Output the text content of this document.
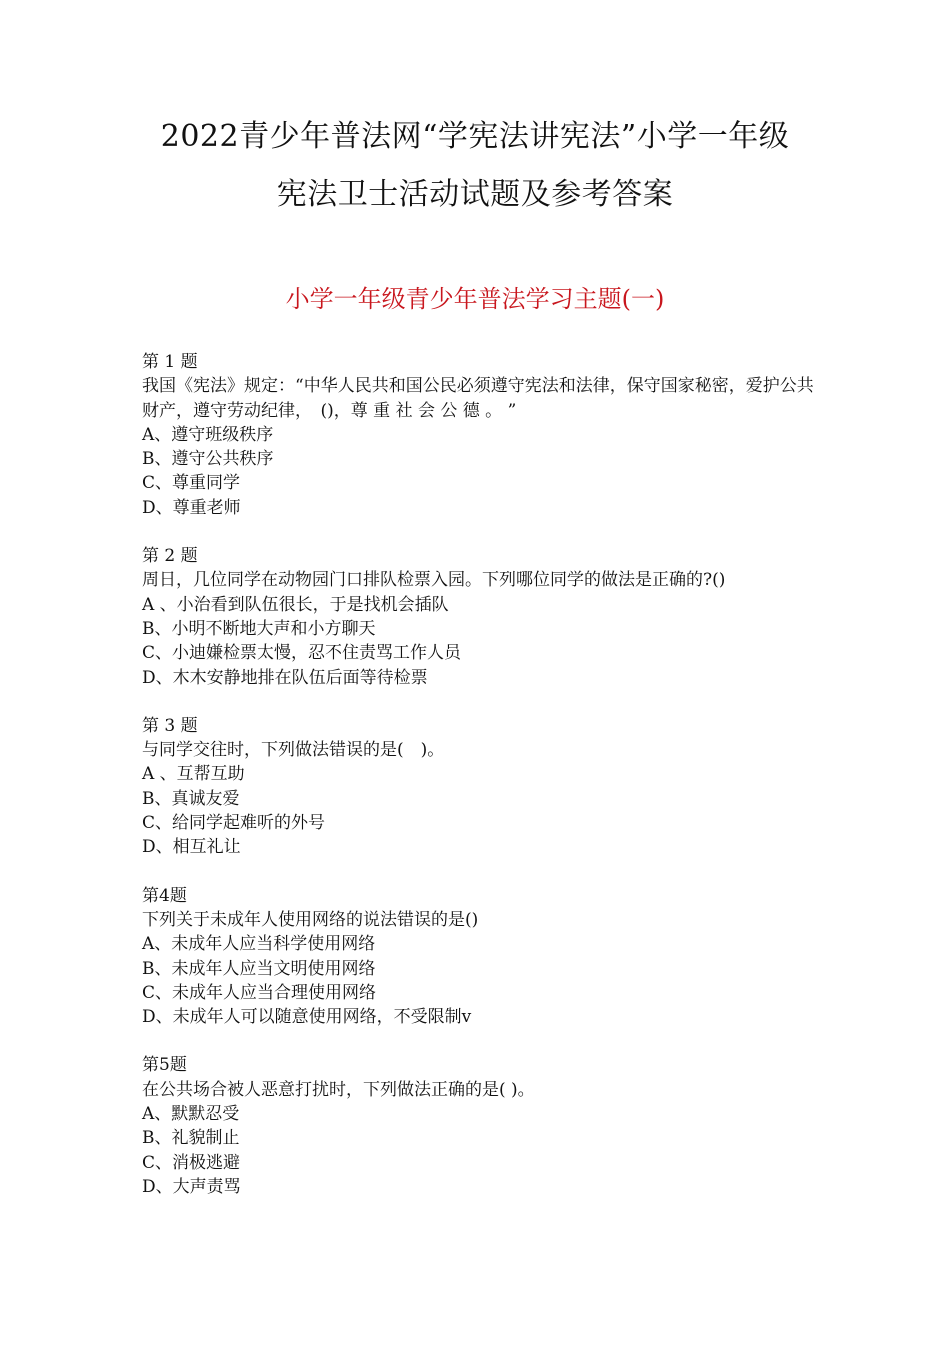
2022青少年普法网“学宪法讲宪法”小学一年级
宪法卫士活动试题及参考答案
小学一年级青少年普法学习主题(一)

第 1 题

我国《宪法》规定：“中华人民共和国公民必须遵守宪法和法律，保守国家秘密，爱护公共财产，遵守劳动纪律，　()，尊 重 社 会 公 德 。 ”

A、遵守班级秩序

B、遵守公共秩序

C、尊重同学

D、尊重老师

第 2 题

周日，几位同学在动物园门口排队检票入园。下列哪位同学的做法是正确的?()

A 、小治看到队伍很长，于是找机会插队

B、小明不断地大声和小方聊天

C、小迪嫌检票太慢，忍不住责骂工作人员

D、木木安静地排在队伍后面等待检票

第 3 题

与同学交往时，下列做法错误的是(　)。

A 、互帮互助

B、真诚友爱

C、给同学起难听的外号

D、相互礼让

第4题

下列关于未成年人使用网络的说法错误的是()

A、未成年人应当科学使用网络

B、未成年人应当文明使用网络

C、未成年人应当合理使用网络

D、未成年人可以随意使用网络，不受限制v

第5题

在公共场合被人恶意打扰时，下列做法正确的是( )。

A、默默忍受

B、礼貌制止

C、消极逃避

D、大声责骂
